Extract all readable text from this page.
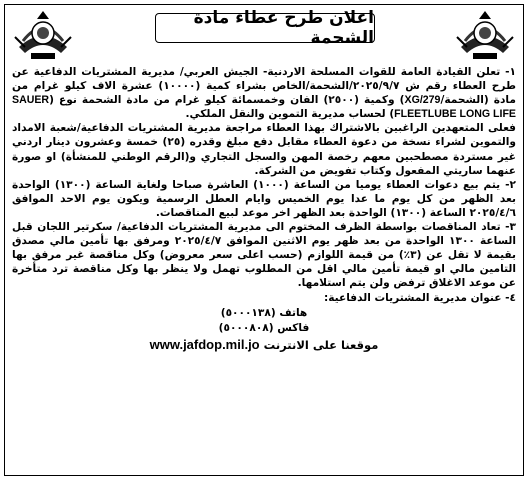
اعلان طرح عطاء مادة الشحمة

١- تعلن القيادة العامة للقوات المسلحة الاردنية- الجيش العربي/ مديرية المشتريات الدفاعية عن طرح العطاء رقم ش ٢٠٢٥/٩/٧/الشحمة/الخاص بشراء كمية (١٠٠٠٠) عشرة الاف كيلو غرام من مادة (الشحمة/XG/279) وكمية (٢٥٠٠) الفان وخمسمائة كيلو غرام من مادة الشحمة نوع (SAUER FLEETLUBE LONG LIFE) لحساب مديرية التموين والنقل الملكي.

فعلى المتعهدين الراغبين بالاشتراك بهذا العطاء مراجعة مديرية المشتريات الدفاعية/شعبة الامداد والتموين لشراء نسخة من دعوة العطاء مقابل دفع مبلغ وقدره (٢٥) خمسة وعشرون دينار اردني غير مستردة مصطحبين معهم رخصة المهن والسجل التجاري و(الرقم الوطني للمنشأة) او صورة عنهما ساريتي المفعول وكتاب تفويض من الشركة.

٢- يتم بيع دعوات العطاء يوميا من الساعة (١٠٠٠) العاشرة صباحا ولغاية الساعة (١٣٠٠) الواحدة بعد الظهر من كل يوم ما عدا يوم الخميس وايام العطل الرسمية ويكون يوم الاحد الموافق ٢٠٢٥/٤/٦ الساعة (١٣٠٠) الواحدة بعد الظهر اخر موعد لبيع المناقصات.

٣- تعاد المناقصات بواسطة الظرف المختوم الى مديرية المشتريات الدفاعية/ سكرتير اللجان قبل الساعة ١٣٠٠ الواحدة من بعد ظهر يوم الاثنين الموافق ٢٠٢٥/٤/٧ ومرفق بها تأمين مالي مصدق بقيمة لا تقل عن (٣٪) من قيمة اللوازم (حسب اعلى سعر معروض) وكل مناقصة غير مرفق بها التامين مالي او قيمة تأمين مالي اقل من المطلوب تهمل ولا ينظر بها وكل مناقصة ترد متأخرة عن موعد الاغلاق ترفض ولن يتم استلامها.

٤- عنوان مديرية المشتريات الدفاعية:

هاتف (٥٠٠٠١٣٨)
فاكس (٥٠٠٠٨٠٨)
موقعنا على الانترنت www.jafdop.mil.jo
